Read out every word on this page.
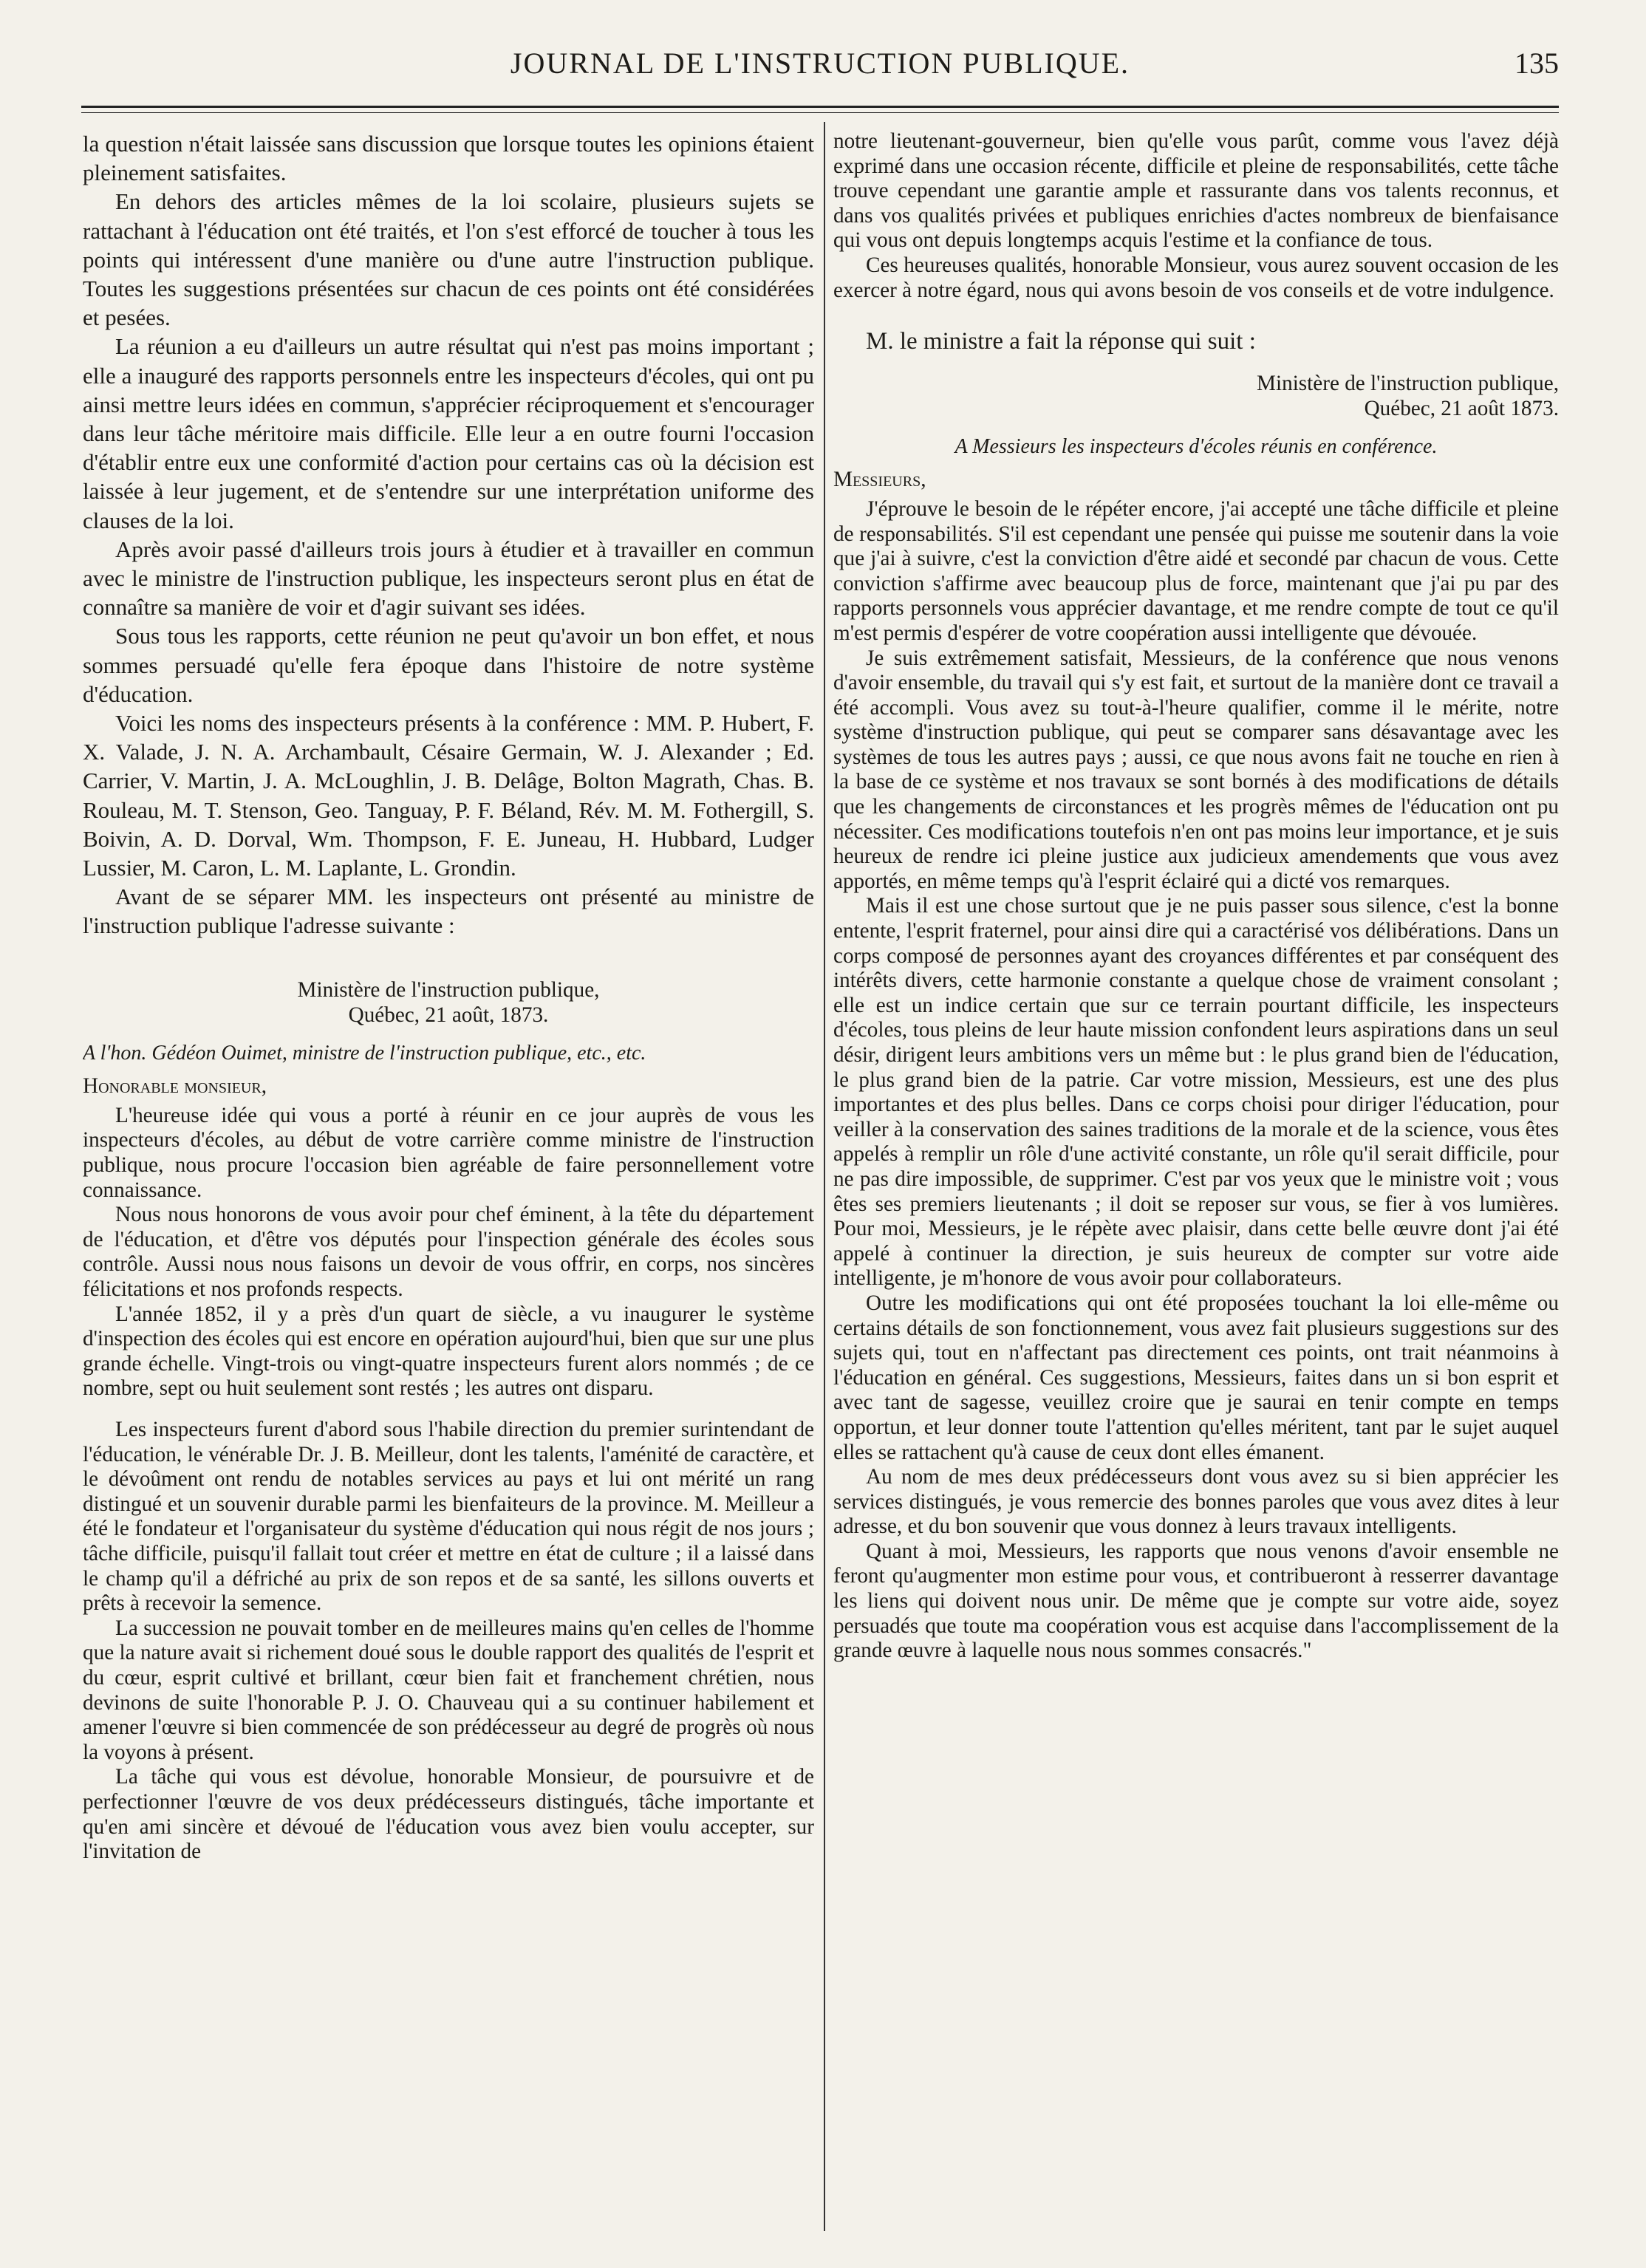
JOURNAL DE L'INSTRUCTION PUBLIQUE.	135

la question n'était laissée sans discussion que lorsque toutes les opinions étaient pleinement satisfaites.

En dehors des articles mêmes de la loi scolaire, plusieurs sujets se rattachant à l'éducation ont été traités, et l'on s'est efforcé de toucher à tous les points qui intéressent d'une manière ou d'une autre l'instruction publique. Toutes les suggestions présentées sur chacun de ces points ont été considérées et pesées.

La réunion a eu d'ailleurs un autre résultat qui n'est pas moins important ; elle a inauguré des rapports personnels entre les inspecteurs d'écoles, qui ont pu ainsi mettre leurs idées en commun, s'apprécier réciproquement et s'encourager dans leur tâche méritoire mais difficile. Elle leur a en outre fourni l'occasion d'établir entre eux une conformité d'action pour certains cas où la décision est laissée à leur jugement, et de s'entendre sur une interprétation uniforme des clauses de la loi.

Après avoir passé d'ailleurs trois jours à étudier et à travailler en commun avec le ministre de l'instruction publique, les inspecteurs seront plus en état de connaître sa manière de voir et d'agir suivant ses idées.

Sous tous les rapports, cette réunion ne peut qu'avoir un bon effet, et nous sommes persuadé qu'elle fera époque dans l'histoire de notre système d'éducation.

Voici les noms des inspecteurs présents à la conférence : MM. P. Hubert, F. X. Valade, J. N. A. Archambault, Césaire Germain, W. J. Alexander ; Ed. Carrier, V. Martin, J. A. McLoughlin, J. B. Delâge, Bolton Magrath, Chas. B. Rouleau, M. T. Stenson, Geo. Tanguay, P. F. Béland, Rév. M. M. Fothergill, S. Boivin, A. D. Dorval, Wm. Thompson, F. E. Juneau, H. Hubbard, Ludger Lussier, M. Caron, L. M. Laplante, L. Grondin.

Avant de se séparer MM. les inspecteurs ont présenté au ministre de l'instruction publique l'adresse suivante :

Ministère de l'instruction publique,
Québec, 21 août, 1873.
A l'hon. Gédéon Ouimet, ministre de l'instruction publique, etc., etc.
Honorable monsieur,

L'heureuse idée qui vous a porté à réunir en ce jour auprès de vous les inspecteurs d'écoles, au début de votre carrière comme ministre de l'instruction publique, nous procure l'occasion bien agréable de faire personnellement votre connaissance.

Nous nous honorons de vous avoir pour chef éminent, à la tête du département de l'éducation, et d'être vos députés pour l'inspection générale des écoles sous contrôle. Aussi nous nous faisons un devoir de vous offrir, en corps, nos sincères félicitations et nos profonds respects.

L'année 1852, il y a près d'un quart de siècle, a vu inaugurer le système d'inspection des écoles qui est encore en opération aujourd'hui, bien que sur une plus grande échelle. Vingt-trois ou vingt-quatre inspecteurs furent alors nommés ; de ce nombre, sept ou huit seulement sont restés ; les autres ont disparu.

Les inspecteurs furent d'abord sous l'habile direction du premier surintendant de l'éducation, le vénérable Dr. J. B. Meilleur, dont les talents, l'aménité de caractère, et le dévoûment ont rendu de notables services au pays et lui ont mérité un rang distingué et un souvenir durable parmi les bienfaiteurs de la province. M. Meilleur a été le fondateur et l'organisateur du système d'éducation qui nous régit de nos jours ; tâche difficile, puisqu'il fallait tout créer et mettre en état de culture ; il a laissé dans le champ qu'il a défriché au prix de son repos et de sa santé, les sillons ouverts et prêts à recevoir la semence.

La succession ne pouvait tomber en de meilleures mains qu'en celles de l'homme que la nature avait si richement doué sous le double rapport des qualités de l'esprit et du cœur, esprit cultivé et brillant, cœur bien fait et franchement chrétien, nous devinons de suite l'honorable P. J. O. Chauveau qui a su continuer habilement et amener l'œuvre si bien commencée de son prédécesseur au degré de progrès où nous la voyons à présent.

La tâche qui vous est dévolue, honorable Monsieur, de poursuivre et de perfectionner l'œuvre de vos deux prédécesseurs distingués, tâche importante et qu'en ami sincère et dévoué de l'éducation vous avez bien voulu accepter, sur l'invitation de

notre lieutenant-gouverneur, bien qu'elle vous parût, comme vous l'avez déjà exprimé dans une occasion récente, difficile et pleine de responsabilités, cette tâche trouve cependant une garantie ample et rassurante dans vos talents reconnus, et dans vos qualités privées et publiques enrichies d'actes nombreux de bienfaisance qui vous ont depuis longtemps acquis l'estime et la confiance de tous.

Ces heureuses qualités, honorable Monsieur, vous aurez souvent occasion de les exercer à notre égard, nous qui avons besoin de vos conseils et de votre indulgence.

M. le ministre a fait la réponse qui suit :
Ministère de l'instruction publique,
Québec, 21 août 1873.
A Messieurs les inspecteurs d'écoles réunis en conférence.
Messieurs,

J'éprouve le besoin de le répéter encore, j'ai accepté une tâche difficile et pleine de responsabilités. S'il est cependant une pensée qui puisse me soutenir dans la voie que j'ai à suivre, c'est la conviction d'être aidé et secondé par chacun de vous. Cette conviction s'affirme avec beaucoup plus de force, maintenant que j'ai pu par des rapports personnels vous apprécier davantage, et me rendre compte de tout ce qu'il m'est permis d'espérer de votre coopération aussi intelligente que dévouée.

Je suis extrêmement satisfait, Messieurs, de la conférence que nous venons d'avoir ensemble, du travail qui s'y est fait, et surtout de la manière dont ce travail a été accompli. Vous avez su tout-à-l'heure qualifier, comme il le mérite, notre système d'instruction publique, qui peut se comparer sans désavantage avec les systèmes de tous les autres pays ; aussi, ce que nous avons fait ne touche en rien à la base de ce système et nos travaux se sont bornés à des modifications de détails que les changements de circonstances et les progrès mêmes de l'éducation ont pu nécessiter. Ces modifications toutefois n'en ont pas moins leur importance, et je suis heureux de rendre ici pleine justice aux judicieux amendements que vous avez apportés, en même temps qu'à l'esprit éclairé qui a dicté vos remarques.

Mais il est une chose surtout que je ne puis passer sous silence, c'est la bonne entente, l'esprit fraternel, pour ainsi dire qui a caractérisé vos délibérations. Dans un corps composé de personnes ayant des croyances différentes et par conséquent des intérêts divers, cette harmonie constante a quelque chose de vraiment consolant ; elle est un indice certain que sur ce terrain pourtant difficile, les inspecteurs d'écoles, tous pleins de leur haute mission confondent leurs aspirations dans un seul désir, dirigent leurs ambitions vers un même but : le plus grand bien de l'éducation, le plus grand bien de la patrie. Car votre mission, Messieurs, est une des plus importantes et des plus belles. Dans ce corps choisi pour diriger l'éducation, pour veiller à la conservation des saines traditions de la morale et de la science, vous êtes appelés à remplir un rôle d'une activité constante, un rôle qu'il serait difficile, pour ne pas dire impossible, de supprimer. C'est par vos yeux que le ministre voit ; vous êtes ses premiers lieutenants ; il doit se reposer sur vous, se fier à vos lumières. Pour moi, Messieurs, je le répète avec plaisir, dans cette belle œuvre dont j'ai été appelé à continuer la direction, je suis heureux de compter sur votre aide intelligente, je m'honore de vous avoir pour collaborateurs.

Outre les modifications qui ont été proposées touchant la loi elle-même ou certains détails de son fonctionnement, vous avez fait plusieurs suggestions sur des sujets qui, tout en n'affectant pas directement ces points, ont trait néanmoins à l'éducation en général. Ces suggestions, Messieurs, faites dans un si bon esprit et avec tant de sagesse, veuillez croire que je saurai en tenir compte en temps opportun, et leur donner toute l'attention qu'elles méritent, tant par le sujet auquel elles se rattachent qu'à cause de ceux dont elles émanent.

Au nom de mes deux prédécesseurs dont vous avez su si bien apprécier les services distingués, je vous remercie des bonnes paroles que vous avez dites à leur adresse, et du bon souvenir que vous donnez à leurs travaux intelligents.

Quant à moi, Messieurs, les rapports que nous venons d'avoir ensemble ne feront qu'augmenter mon estime pour vous, et contribueront à resserrer davantage les liens qui doivent nous unir. De même que je compte sur votre aide, soyez persuadés que toute ma coopération vous est acquise dans l'accomplissement de la grande œuvre à laquelle nous nous sommes consacrés."
